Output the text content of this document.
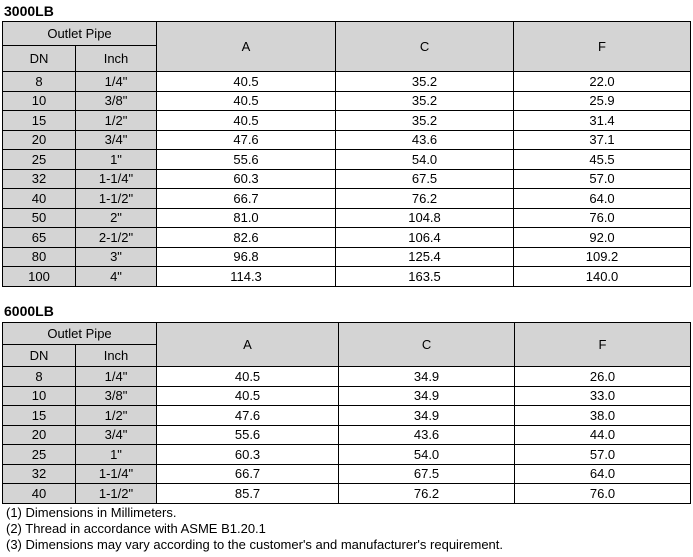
3000LB
Outlet Pipe		A	C	F
DN	Inch			
8	1/4"	40.5	35.2	22.0
10	3/8"	40.5	35.2	25.9
15	1/2"	40.5	35.2	31.4
20	3/4"	47.6	43.6	37.1
25	1"	55.6	54.0	45.5
32	1-1/4"	60.3	67.5	57.0
40	1-1/2"	66.7	76.2	64.0
50	2"	81.0	104.8	76.0
65	2-1/2"	82.6	106.4	92.0
80	3"	96.8	125.4	109.2
100	4"	114.3	163.5	140.0
6000LB
Outlet Pipe		A	C	F
DN	Inch			
8	1/4"	40.5	34.9	26.0
10	3/8"	40.5	34.9	33.0
15	1/2"	47.6	34.9	38.0
20	3/4"	55.6	43.6	44.0
25	1"	60.3	54.0	57.0
32	1-1/4"	66.7	67.5	64.0
40	1-1/2"	85.7	76.2	76.0
(1) Dimensions in Millimeters.
(2) Thread in accordance with ASME B1.20.1
(3) Dimensions may vary according to the customer's and manufacturer's requirement.
